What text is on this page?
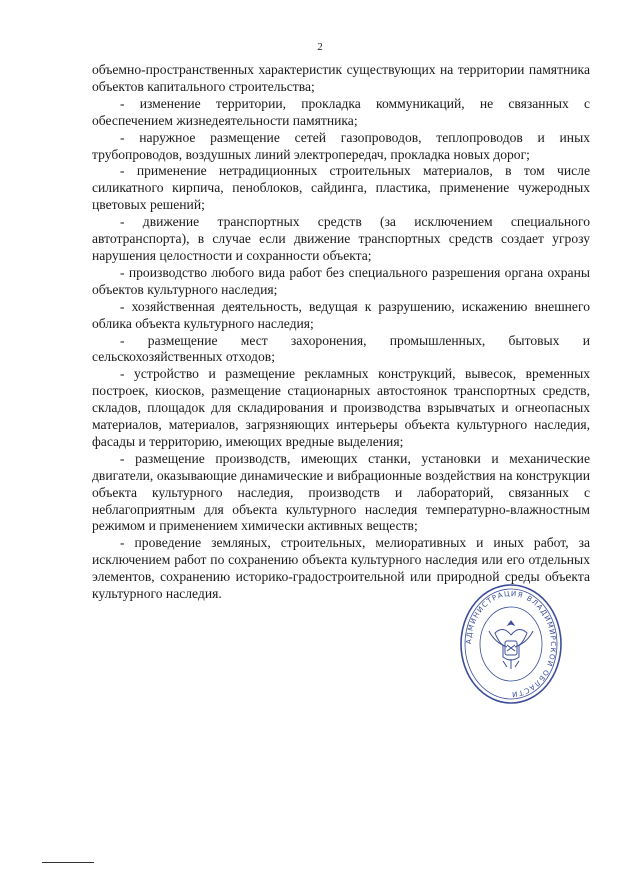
2

объемно-пространственных характеристик существующих на территории памятника объектов капитального строительства;

- изменение территории, прокладка коммуникаций, не связанных с обеспечением жизнедеятельности памятника;

- наружное размещение сетей газопроводов, теплопроводов и иных трубопроводов, воздушных линий электропередач, прокладка новых дорог;

- применение нетрадиционных строительных материалов, в том числе силикатного кирпича, пеноблоков, сайдинга, пластика, применение чужеродных цветовых решений;

- движение транспортных средств (за исключением специального автотранспорта), в случае если движение транспортных средств создает угрозу нарушения целостности и сохранности объекта;

- производство любого вида работ без специального разрешения органа охраны объектов культурного наследия;

- хозяйственная деятельность, ведущая к разрушению, искажению внешнего облика объекта культурного наследия;

- размещение мест захоронения, промышленных, бытовых и сельскохозяйственных отходов;

- устройство и размещение рекламных конструкций, вывесок, временных построек, киосков, размещение стационарных автостоянок транспортных средств, складов, площадок для складирования и производства взрывчатых и огнеопасных материалов, материалов, загрязняющих интерьеры объекта культурного наследия, фасады и территорию, имеющих вредные выделения;

- размещение производств, имеющих станки, установки и механические двигатели, оказывающие динамические и вибрационные воздействия на конструкции объекта культурного наследия, производств и лабораторий, связанных с неблагоприятным для объекта культурного наследия температурно-влажностным режимом и применением химически активных веществ;

- проведение земляных, строительных, мелиоративных и иных работ, за исключением работ по сохранению объекта культурного наследия или его отдельных элементов, сохранению историко-градостроительной или природной среды объекта культурного наследия.

АДМИНИСТРАЦИЯ ВЛАДИМИРСКОЙ ОБЛАСТИ
